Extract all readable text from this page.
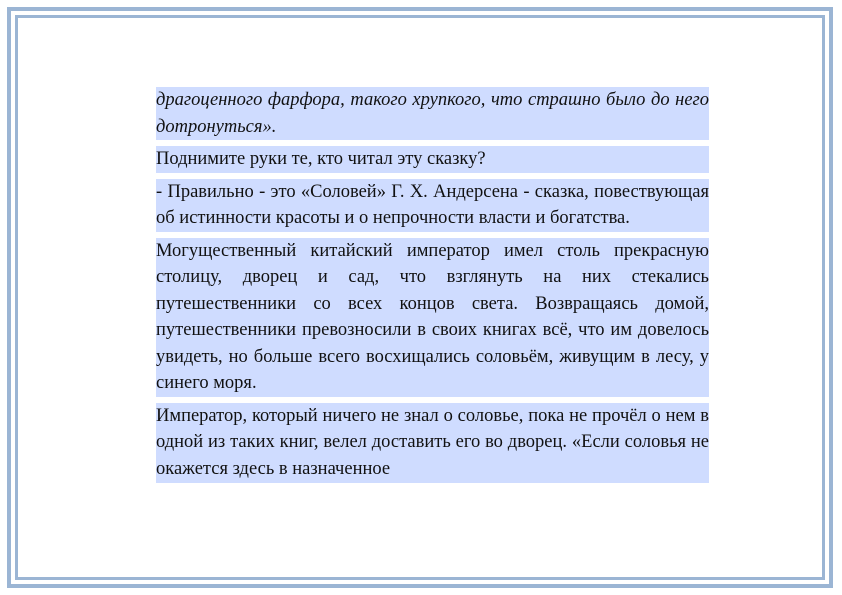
драгоценного фарфора, такого хрупкого, что страшно было до него дотронуться».

Поднимите руки те, кто читал эту сказку?

- Правильно - это «Соловей» Г. Х. Андерсена - сказка, повествующая об истинности красоты и о непрочности власти и богатства.

Могущественный китайский император имел столь прекрасную столицу, дворец и сад, что взглянуть на них стекались путешественники со всех концов света. Возвращаясь домой, путешественники превозносили в своих книгах всё, что им довелось увидеть, но больше всего восхищались соловьём, живущим в лесу, у синего моря.

Император, который ничего не знал о соловье, пока не прочёл о нем в одной из таких книг, велел доставить его во дворец. «Если соловья не окажется здесь в назначенное
